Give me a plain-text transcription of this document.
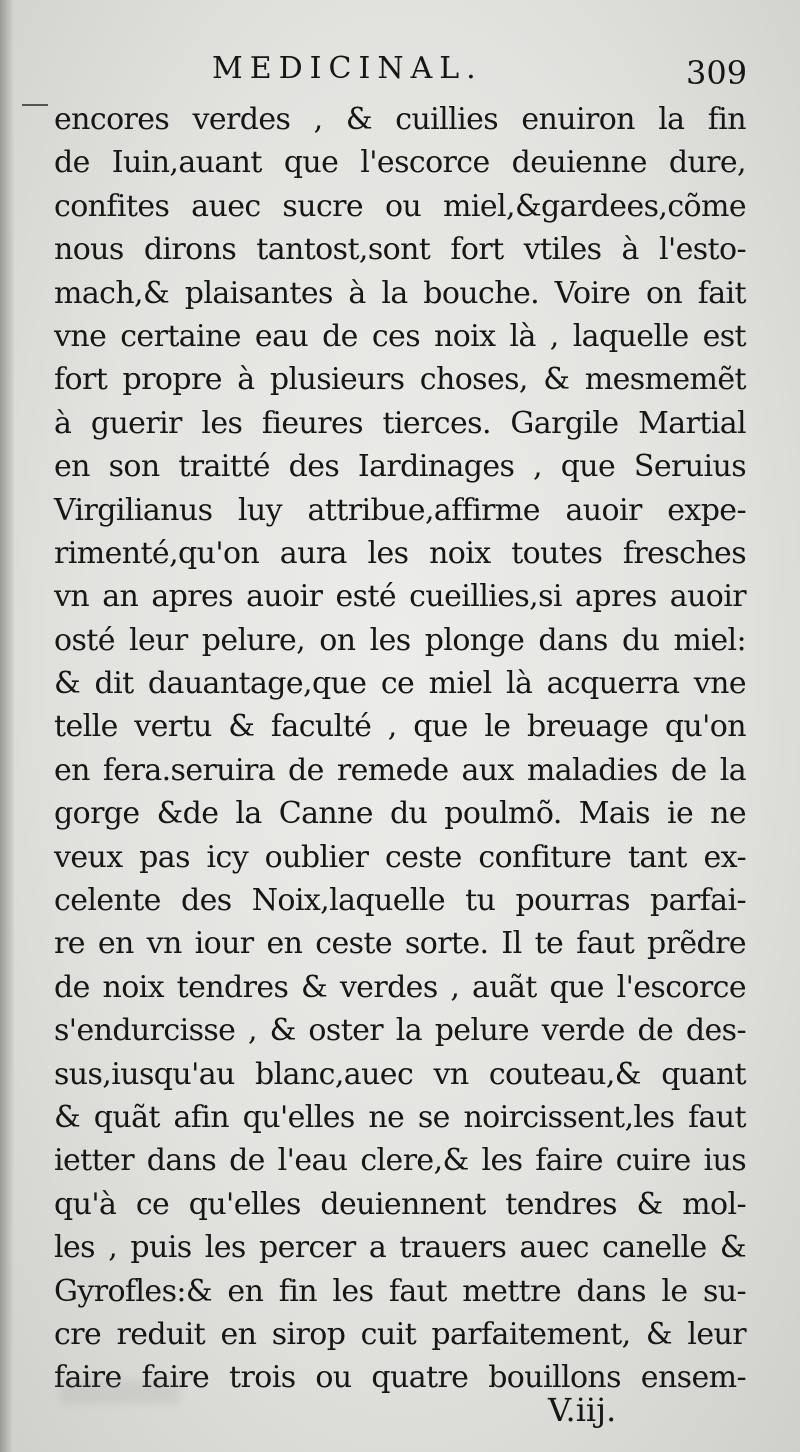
MEDICINAL.	309
encores verdes , & cuillies enuiron la fin
de Iuin,auant que l'escorce deuienne dure,
confites auec sucre ou miel,&gardees,cõme
nous dirons tantost,sont fort vtiles à l'esto-
mach,& plaisantes à la bouche. Voire on fait
vne certaine eau de ces noix là , laquelle est
fort propre à plusieurs choses, & mesmemẽt
à guerir les fieures tierces. Gargile Martial
en son traitté des Iardinages , que Seruius
Virgilianus luy attribue,affirme auoir expe-
rimenté,qu'on aura les noix toutes fresches
vn an apres auoir esté cueillies,si apres auoir
osté leur pelure, on les plonge dans du miel:
& dit dauantage,que ce miel là acquerra vne
telle vertu & faculté , que le breuage qu'on
en fera.seruira de remede aux maladies de la
gorge &de la Canne du poulmõ. Mais ie ne
veux pas icy oublier ceste confiture tant ex-
celente des Noix,laquelle tu pourras parfai-
re en vn iour en ceste sorte. Il te faut prẽdre
de noix tendres & verdes , auãt que l'escorce
s'endurcisse , & oster la pelure verde de des-
sus,iusqu'au blanc,auec vn couteau,& quant
& quãt afin qu'elles ne se noircissent,les faut
ietter dans de l'eau clere,& les faire cuire ius
qu'à ce qu'elles deuiennent tendres & mol-
les , puis les percer a trauers auec canelle &
Gyrofles:& en fin les faut mettre dans le su-
cre reduit en sirop cuit parfaitement, & leur
faire faire trois ou quatre bouillons ensem-
V.iij.
